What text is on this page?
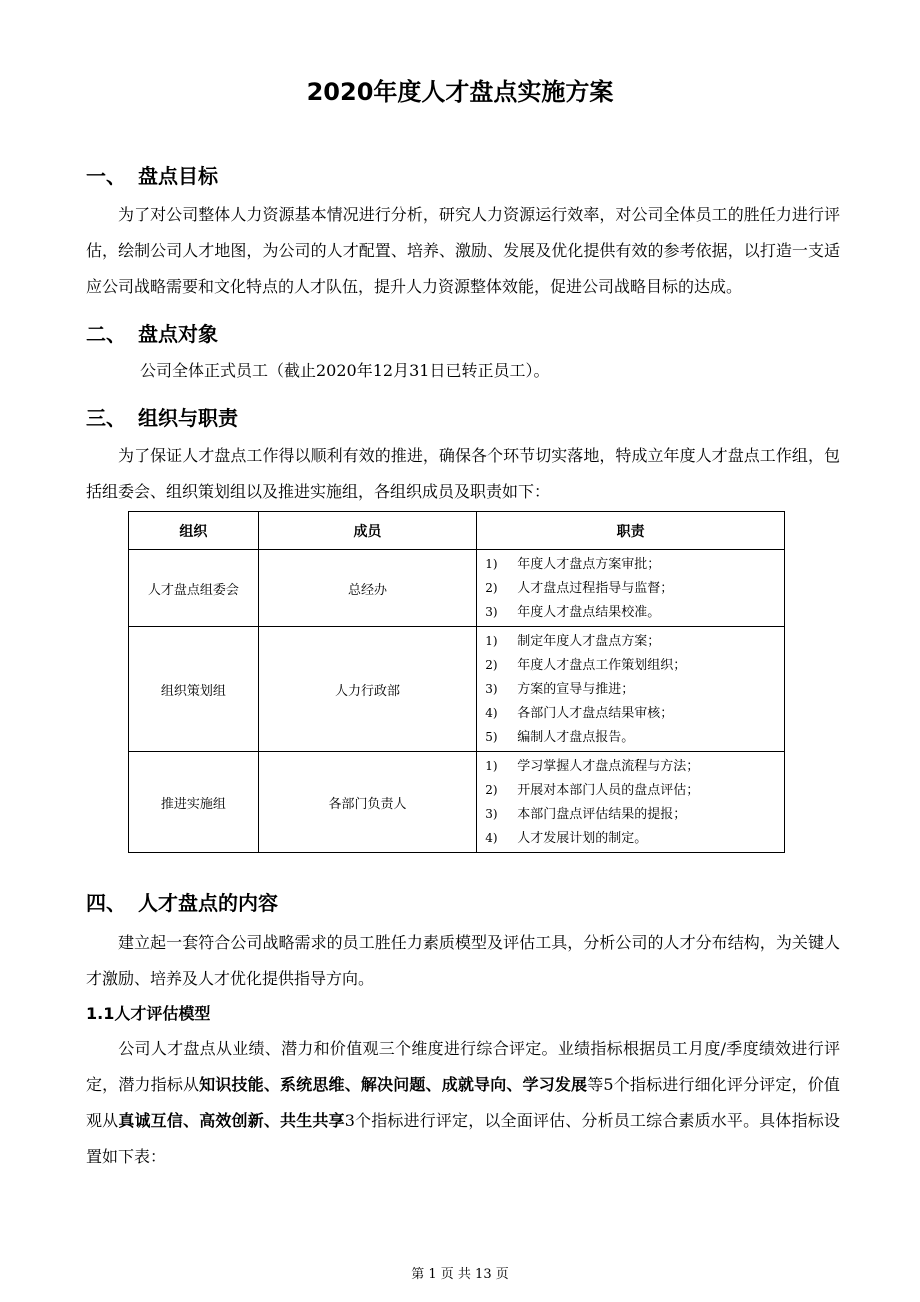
2020年度人才盘点实施方案
一、 盘点目标
为了对公司整体人力资源基本情况进行分析，研究人力资源运行效率，对公司全体员工的胜任力进行评估，绘制公司人才地图，为公司的人才配置、培养、激励、发展及优化提供有效的参考依据，以打造一支适应公司战略需要和文化特点的人才队伍，提升人力资源整体效能，促进公司战略目标的达成。
二、 盘点对象
公司全体正式员工（截止2020年12月31日已转正员工）。
三、 组织与职责
为了保证人才盘点工作得以顺利有效的推进，确保各个环节切实落地，特成立年度人才盘点工作组，包括组委会、组织策划组以及推进实施组，各组织成员及职责如下：
组织	成员	职责
人才盘点组委会	总经办	1) 年度人才盘点方案审批；
2) 人才盘点过程指导与监督；
3) 年度人才盘点结果校准。

组织策划组	人力行政部	1) 制定年度人才盘点方案；
2) 年度人才盘点工作策划组织；
3) 方案的宣导与推进；
4) 各部门人才盘点结果审核；
5) 编制人才盘点报告。

推进实施组	各部门负责人	1) 学习掌握人才盘点流程与方法；
2) 开展对本部门人员的盘点评估；
3) 本部门盘点评估结果的提报；
4) 人才发展计划的制定。
四、 人才盘点的内容
建立起一套符合公司战略需求的员工胜任力素质模型及评估工具，分析公司的人才分布结构，为关键人才激励、培养及人才优化提供指导方向。
1.1人才评估模型
公司人才盘点从业绩、潜力和价值观三个维度进行综合评定。业绩指标根据员工月度/季度绩效进行评定，潜力指标从知识技能、系统思维、解决问题、成就导向、学习发展等5个指标进行细化评分评定，价值观从真诚互信、高效创新、共生共享3个指标进行评定，以全面评估、分析员工综合素质水平。具体指标设置如下表：
第 1 页 共 13 页
